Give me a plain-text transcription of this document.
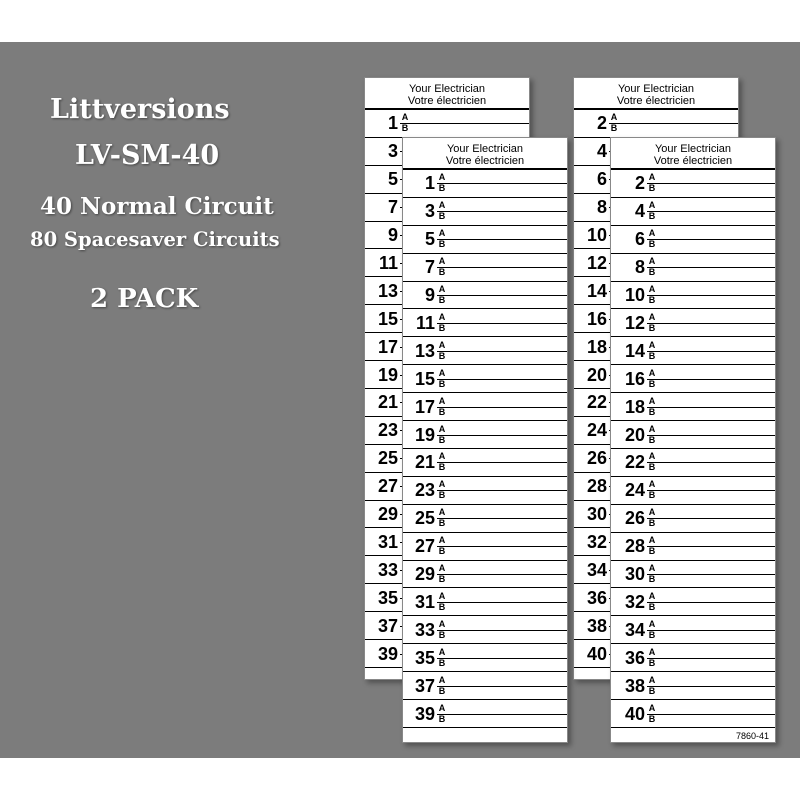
Littversions
LV-SM-40
40 Normal Circuit
80 Spacesaver Circuits
2 PACK
Your Electrician
Votre électricien
1 A
B
3
5
7
9
11
13
15
17
19
21
23
25
27
29
31
33
35
37
39
Your Electrician
Votre électricien
2 A
B
4
6
8
10
12
14
16
18
20
22
24
26
28
30
32
34
36
38
40
Your Electrician
Votre électricien
1 A
B
3 A
B
5 A
B
7 A
B
9 A
B
11 A
B
13 A
B
15 A
B
17 A
B
19 A
B
21 A
B
23 A
B
25 A
B
27 A
B
29 A
B
31 A
B
33 A
B
35 A
B
37 A
B
39 A
B
Your Electrician
Votre électricien
2 A
B
4 A
B
6 A
B
8 A
B
10 A
B
12 A
B
14 A
B
16 A
B
18 A
B
20 A
B
22 A
B
24 A
B
26 A
B
28 A
B
30 A
B
32 A
B
34 A
B
36 A
B
38 A
B
40 A
B
7860-41
